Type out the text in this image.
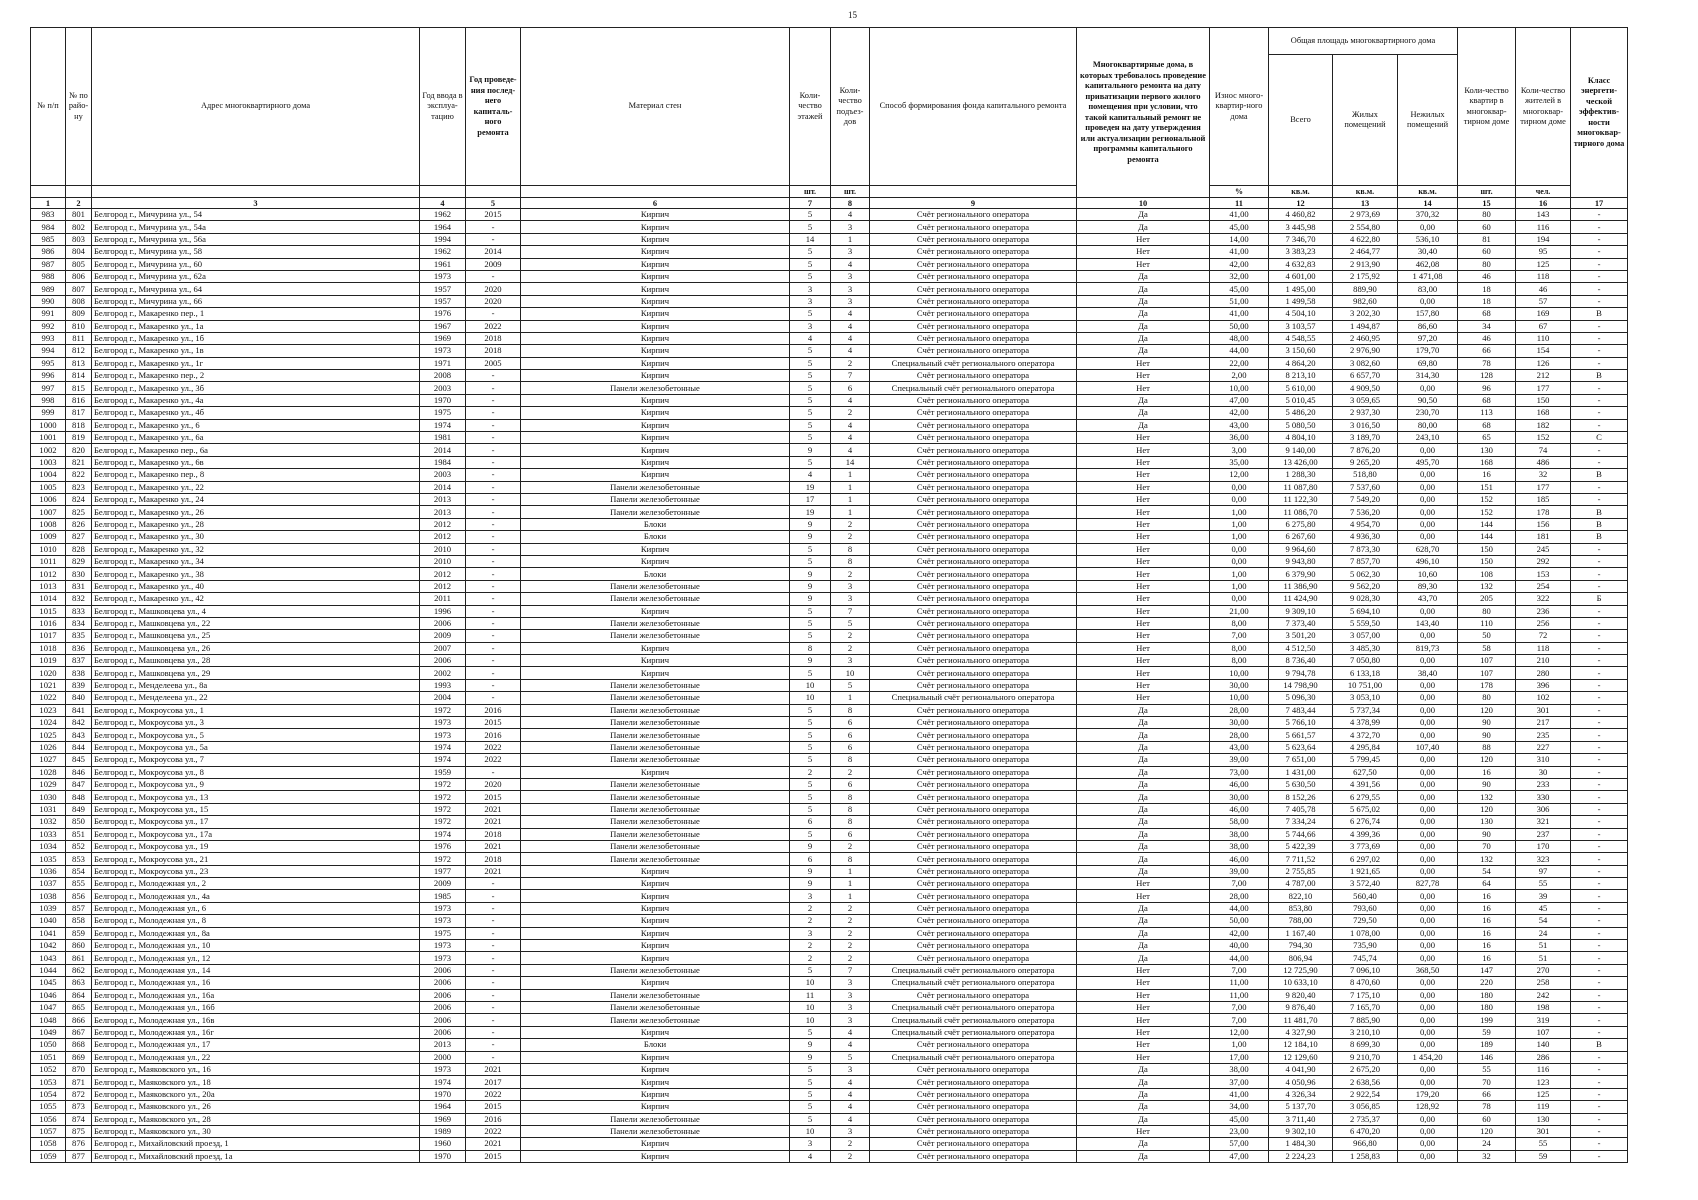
15
№ п/п	№ по райо-ну	Адрес многоквартирного дома	Год ввода в эксплуа-тацию	Год проведе-ния послед-него капиталь-ного ремонта	Материал стен	Коли-чество этажей	Коли-чество подъез-дов	Способ формирования фонда капитального ремонта	Многоквартирные дома, в которых требовалось проведение капитального ремонта на дату приватизации первого жилого помещения при условии, что такой капитальный ремонт не проведен на дату утверждения или актуализации региональной программы капитального ремонта	Износ много-квартир-ного дома	Общая площадь многоквартирного дома			Коли-чество квартир в многоквар-тирном доме	Коли-чество жителей в многоквар-тирном доме	Класс энергети-ческой эффектив-ности многоквар-тирного дома
											Всего	Жилых помещений	Нежилых помещений			
						шт.	шт.			%	кв.м.	кв.м.	кв.м.	шт.	чел.	
1	2	3	4	5	6	7	8	9	10	11	12	13	14	15	16	17
983	801	Белгород г., Мичурина ул., 54	1962	2015	Кирпич	5	4	Счёт регионального оператора	Да	41,00	4 460,82	2 973,69	370,32	80	143	-
984	802	Белгород г., Мичурина ул., 54а	1964	-	Кирпич	5	3	Счёт регионального оператора	Да	45,00	3 445,98	2 554,80	0,00	60	116	-
985	803	Белгород г., Мичурина ул., 56а	1994	-	Кирпич	14	1	Счёт регионального оператора	Нет	14,00	7 346,70	4 622,80	536,10	81	194	-
986	804	Белгород г., Мичурина ул., 58	1962	2014	Кирпич	5	3	Счёт регионального оператора	Нет	41,00	3 383,23	2 464,77	30,40	60	95	-
987	805	Белгород г., Мичурина ул., 60	1961	2009	Кирпич	5	4	Счёт регионального оператора	Нет	42,00	4 632,83	2 913,90	462,08	80	125	-
988	806	Белгород г., Мичурина ул., 62а	1973	-	Кирпич	5	3	Счёт регионального оператора	Да	32,00	4 601,00	2 175,92	1 471,08	46	118	-
989	807	Белгород г., Мичурина ул., 64	1957	2020	Кирпич	3	3	Счёт регионального оператора	Да	45,00	1 495,00	889,90	83,00	18	46	-
990	808	Белгород г., Мичурина ул., 66	1957	2020	Кирпич	3	3	Счёт регионального оператора	Да	51,00	1 499,58	982,60	0,00	18	57	-
991	809	Белгород г., Макаренко пер., 1	1976	-	Кирпич	5	4	Счёт регионального оператора	Да	41,00	4 504,10	3 202,30	157,80	68	169	В
992	810	Белгород г., Макаренко ул., 1а	1967	2022	Кирпич	3	4	Счёт регионального оператора	Да	50,00	3 103,57	1 494,87	86,60	34	67	-
993	811	Белгород г., Макаренко ул., 1б	1969	2018	Кирпич	4	4	Счёт регионального оператора	Да	48,00	4 548,55	2 460,95	97,20	46	110	-
994	812	Белгород г., Макаренко ул., 1в	1973	2018	Кирпич	5	4	Счёт регионального оператора	Да	44,00	3 150,60	2 976,90	179,70	66	154	-
995	813	Белгород г., Макаренко ул., 1г	1971	2005	Кирпич	5	2	Специальный счёт регионального оператора	Нет	22,00	4 864,20	3 082,60	69,80	78	126	-
996	814	Белгород г., Макаренко пер., 2	2008	-	Кирпич	5	7	Счёт регионального оператора	Нет	2,00	8 213,10	6 657,70	314,30	128	212	В
997	815	Белгород г., Макаренко ул., 3б	2003	-	Панели железобетонные	5	6	Специальный счёт регионального оператора	Нет	10,00	5 610,00	4 909,50	0,00	96	177	-
998	816	Белгород г., Макаренко ул., 4а	1970	-	Кирпич	5	4	Счёт регионального оператора	Да	47,00	5 010,45	3 059,65	90,50	68	150	-
999	817	Белгород г., Макаренко ул., 4б	1975	-	Кирпич	5	2	Счёт регионального оператора	Да	42,00	5 486,20	2 937,30	230,70	113	168	-
1000	818	Белгород г., Макаренко ул., 6	1974	-	Кирпич	5	4	Счёт регионального оператора	Да	43,00	5 080,50	3 016,50	80,00	68	182	-
1001	819	Белгород г., Макаренко ул., 6а	1981	-	Кирпич	5	4	Счёт регионального оператора	Нет	36,00	4 804,10	3 189,70	243,10	65	152	С
1002	820	Белгород г., Макаренко пер., 6а	2014	-	Кирпич	9	4	Счёт регионального оператора	Нет	3,00	9 140,00	7 876,20	0,00	130	74	-
1003	821	Белгород г., Макаренко ул., 6в	1984	-	Кирпич	5	14	Счёт регионального оператора	Нет	35,00	13 426,00	9 265,20	495,70	168	486	-
1004	822	Белгород г., Макаренко пер., 8	2003	-	Кирпич	4	1	Счёт регионального оператора	Нет	12,00	1 288,30	518,80	0,00	16	32	В
1005	823	Белгород г., Макаренко ул., 22	2014	-	Панели железобетонные	19	1	Счёт регионального оператора	Нет	0,00	11 087,80	7 537,60	0,00	151	177	-
1006	824	Белгород г., Макаренко ул., 24	2013	-	Панели железобетонные	17	1	Счёт регионального оператора	Нет	0,00	11 122,30	7 549,20	0,00	152	185	-
1007	825	Белгород г., Макаренко ул., 26	2013	-	Панели железобетонные	19	1	Счёт регионального оператора	Нет	1,00	11 086,70	7 536,20	0,00	152	178	В
1008	826	Белгород г., Макаренко ул., 28	2012	-	Блоки	9	2	Счёт регионального оператора	Нет	1,00	6 275,80	4 954,70	0,00	144	156	В
1009	827	Белгород г., Макаренко ул., 30	2012	-	Блоки	9	2	Счёт регионального оператора	Нет	1,00	6 267,60	4 936,30	0,00	144	181	В
1010	828	Белгород г., Макаренко ул., 32	2010	-	Кирпич	5	8	Счёт регионального оператора	Нет	0,00	9 964,60	7 873,30	628,70	150	245	-
1011	829	Белгород г., Макаренко ул., 34	2010	-	Кирпич	5	8	Счёт регионального оператора	Нет	0,00	9 943,80	7 857,70	496,10	150	292	-
1012	830	Белгород г., Макаренко ул., 38	2012	-	Блоки	9	2	Счёт регионального оператора	Нет	1,00	6 379,90	5 062,30	10,60	108	153	-
1013	831	Белгород г., Макаренко ул., 40	2012	-	Панели железобетонные	9	3	Счёт регионального оператора	Нет	1,00	11 386,90	9 562,20	89,30	132	254	-
1014	832	Белгород г., Макаренко ул., 42	2011	-	Панели железобетонные	9	3	Счёт регионального оператора	Нет	0,00	11 424,90	9 028,30	43,70	205	322	Б
1015	833	Белгород г., Машковцева ул., 4	1996	-	Кирпич	5	7	Счёт регионального оператора	Нет	21,00	9 309,10	5 694,10	0,00	80	236	-
1016	834	Белгород г., Машковцева ул., 22	2006	-	Панели железобетонные	5	5	Счёт регионального оператора	Нет	8,00	7 373,40	5 559,50	143,40	110	256	-
1017	835	Белгород г., Машковцева ул., 25	2009	-	Панели железобетонные	5	2	Счёт регионального оператора	Нет	7,00	3 501,20	3 057,00	0,00	50	72	-
1018	836	Белгород г., Машковцева ул., 26	2007	-	Кирпич	8	2	Счёт регионального оператора	Нет	8,00	4 512,50	3 485,30	819,73	58	118	-
1019	837	Белгород г., Машковцева ул., 28	2006	-	Кирпич	9	3	Счёт регионального оператора	Нет	8,00	8 736,40	7 050,80	0,00	107	210	-
1020	838	Белгород г., Машковцева ул., 29	2002	-	Кирпич	5	10	Счёт регионального оператора	Нет	10,00	9 794,78	6 133,18	38,40	107	280	-
1021	839	Белгород г., Менделеева ул., 8а	1993	-	Панели железобетонные	10	5	Счёт регионального оператора	Нет	30,00	14 798,90	10 751,00	0,00	178	396	-
1022	840	Белгород г., Менделеева ул., 22	2004	-	Панели железобетонные	10	1	Специальный счёт регионального оператора	Нет	10,00	5 096,30	3 053,10	0,00	80	102	-
1023	841	Белгород г., Мокроусова ул., 1	1972	2016	Панели железобетонные	5	8	Счёт регионального оператора	Да	28,00	7 483,44	5 737,34	0,00	120	301	-
1024	842	Белгород г., Мокроусова ул., 3	1973	2015	Панели железобетонные	5	6	Счёт регионального оператора	Да	30,00	5 766,10	4 378,99	0,00	90	217	-
1025	843	Белгород г., Мокроусова ул., 5	1973	2016	Панели железобетонные	5	6	Счёт регионального оператора	Да	28,00	5 661,57	4 372,70	0,00	90	235	-
1026	844	Белгород г., Мокроусова ул., 5а	1974	2022	Панели железобетонные	5	6	Счёт регионального оператора	Да	43,00	5 623,64	4 295,84	107,40	88	227	-
1027	845	Белгород г., Мокроусова ул., 7	1974	2022	Панели железобетонные	5	8	Счёт регионального оператора	Да	39,00	7 651,00	5 799,45	0,00	120	310	-
1028	846	Белгород г., Мокроусова ул., 8	1959	-	Кирпич	2	2	Счёт регионального оператора	Да	73,00	1 431,00	627,50	0,00	16	30	-
1029	847	Белгород г., Мокроусова ул., 9	1972	2020	Панели железобетонные	5	6	Счёт регионального оператора	Да	46,00	5 630,50	4 391,56	0,00	90	233	-
1030	848	Белгород г., Мокроусова ул., 13	1972	2015	Панели железобетонные	5	8	Счёт регионального оператора	Да	30,00	8 152,26	6 279,55	0,00	132	330	-
1031	849	Белгород г., Мокроусова ул., 15	1972	2021	Панели железобетонные	5	8	Счёт регионального оператора	Да	46,00	7 405,78	5 675,02	0,00	120	306	-
1032	850	Белгород г., Мокроусова ул., 17	1972	2021	Панели железобетонные	6	8	Счёт регионального оператора	Да	58,00	7 334,24	6 276,74	0,00	130	321	-
1033	851	Белгород г., Мокроусова ул., 17а	1974	2018	Панели железобетонные	5	6	Счёт регионального оператора	Да	38,00	5 744,66	4 399,36	0,00	90	237	-
1034	852	Белгород г., Мокроусова ул., 19	1976	2021	Панели железобетонные	9	2	Счёт регионального оператора	Да	38,00	5 422,39	3 773,69	0,00	70	170	-
1035	853	Белгород г., Мокроусова ул., 21	1972	2018	Панели железобетонные	6	8	Счёт регионального оператора	Да	46,00	7 711,52	6 297,02	0,00	132	323	-
1036	854	Белгород г., Мокроусова ул., 23	1977	2021	Кирпич	9	1	Счёт регионального оператора	Да	39,00	2 755,85	1 921,65	0,00	54	97	-
1037	855	Белгород г., Молодежная ул., 2	2009	-	Кирпич	9	1	Счёт регионального оператора	Нет	7,00	4 787,00	3 572,40	827,78	64	55	-
1038	856	Белгород г., Молодежная ул., 4а	1985	-	Кирпич	3	1	Счёт регионального оператора	Нет	28,00	822,10	560,40	0,00	16	39	-
1039	857	Белгород г., Молодежная ул., 6	1973	-	Кирпич	2	2	Счёт регионального оператора	Да	44,00	853,80	793,60	0,00	16	45	-
1040	858	Белгород г., Молодежная ул., 8	1973	-	Кирпич	2	2	Счёт регионального оператора	Да	50,00	788,00	729,50	0,00	16	54	-
1041	859	Белгород г., Молодежная ул., 8а	1975	-	Кирпич	3	2	Счёт регионального оператора	Да	42,00	1 167,40	1 078,00	0,00	16	24	-
1042	860	Белгород г., Молодежная ул., 10	1973	-	Кирпич	2	2	Счёт регионального оператора	Да	40,00	794,30	735,90	0,00	16	51	-
1043	861	Белгород г., Молодежная ул., 12	1973	-	Кирпич	2	2	Счёт регионального оператора	Да	44,00	806,94	745,74	0,00	16	51	-
1044	862	Белгород г., Молодежная ул., 14	2006	-	Панели железобетонные	5	7	Специальный счёт регионального оператора	Нет	7,00	12 725,90	7 096,10	368,50	147	270	-
1045	863	Белгород г., Молодежная ул., 16	2006	-	Кирпич	10	3	Специальный счёт регионального оператора	Нет	11,00	10 633,10	8 470,60	0,00	220	258	-
1046	864	Белгород г., Молодежная ул., 16а	2006	-	Панели железобетонные	11	3	Счёт регионального оператора	Нет	11,00	9 820,40	7 175,10	0,00	180	242	-
1047	865	Белгород г., Молодежная ул., 16б	2006	-	Панели железобетонные	10	3	Специальный счёт регионального оператора	Нет	7,00	9 876,40	7 165,70	0,00	180	198	-
1048	866	Белгород г., Молодежная ул., 16в	2006	-	Панели железобетонные	10	3	Специальный счёт регионального оператора	Нет	7,00	11 481,70	7 885,90	0,00	199	319	-
1049	867	Белгород г., Молодежная ул., 16г	2006	-	Кирпич	5	4	Специальный счёт регионального оператора	Нет	12,00	4 327,90	3 210,10	0,00	59	107	-
1050	868	Белгород г., Молодежная ул., 17	2013	-	Блоки	9	4	Счёт регионального оператора	Нет	1,00	12 184,10	8 699,30	0,00	189	140	В
1051	869	Белгород г., Молодежная ул., 22	2000	-	Кирпич	9	5	Специальный счёт регионального оператора	Нет	17,00	12 129,60	9 210,70	1 454,20	146	286	-
1052	870	Белгород г., Маяковского ул., 16	1973	2021	Кирпич	5	3	Счёт регионального оператора	Да	38,00	4 041,90	2 675,20	0,00	55	116	-
1053	871	Белгород г., Маяковского ул., 18	1974	2017	Кирпич	5	4	Счёт регионального оператора	Да	37,00	4 050,96	2 638,56	0,00	70	123	-
1054	872	Белгород г., Маяковского ул., 20а	1970	2022	Кирпич	5	4	Счёт регионального оператора	Да	41,00	4 326,34	2 922,54	179,20	66	125	-
1055	873	Белгород г., Маяковского ул., 26	1964	2015	Кирпич	5	4	Счёт регионального оператора	Да	34,00	5 137,70	3 056,85	128,92	78	119	-
1056	874	Белгород г., Маяковского ул., 28	1969	2016	Панели железобетонные	5	4	Счёт регионального оператора	Да	45,00	3 711,40	2 735,37	0,00	60	130	-
1057	875	Белгород г., Маяковского ул., 30	1989	2022	Панели железобетонные	10	3	Счёт регионального оператора	Нет	23,00	9 302,10	6 470,20	0,00	120	301	-
1058	876	Белгород г., Михайловский проезд, 1	1960	2021	Кирпич	3	2	Счёт регионального оператора	Да	57,00	1 484,30	966,80	0,00	24	55	-
1059	877	Белгород г., Михайловский проезд, 1а	1970	2015	Кирпич	4	2	Счёт регионального оператора	Да	47,00	2 224,23	1 258,83	0,00	32	59	-
